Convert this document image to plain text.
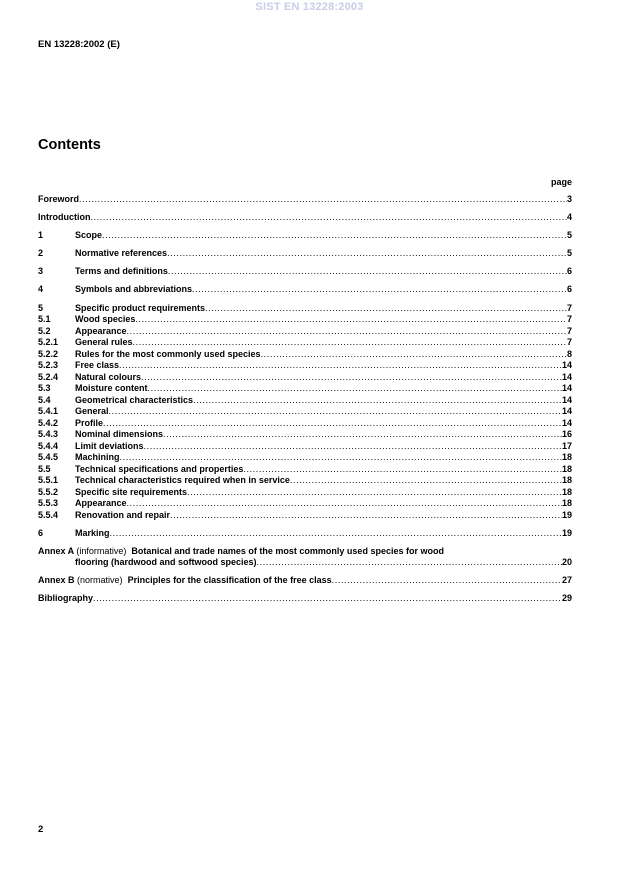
SIST EN 13228:2003
EN 13228:2002 (E)
Contents
page
Foreword .....	3
Introduction .....	4
1	Scope .....	5
2	Normative references .....	5
3	Terms and definitions .....	6
4	Symbols and abbreviations .....	6
5	Specific product requirements .....	7
5.1	Wood species .....	7
5.2	Appearance .....	7
5.2.1	General rules .....	7
5.2.2	Rules for the most commonly used species .....	8
5.2.3	Free class .....	14
5.2.4	Natural colours .....	14
5.3	Moisture content .....	14
5.4	Geometrical characteristics .....	14
5.4.1	General .....	14
5.4.2	Profile .....	14
5.4.3	Nominal dimensions .....	16
5.4.4	Limit deviations .....	17
5.4.5	Machining .....	18
5.5	Technical specifications and properties .....	18
5.5.1	Technical characteristics required when in service .....	18
5.5.2	Specific site requirements .....	18
5.5.3	Appearance .....	18
5.5.4	Renovation and repair .....	19
6	Marking .....	19
Annex A (informative) Botanical and trade names of the most commonly used species for wood
flooring (hardwood and softwood species) .....	20
Annex B (normative) Principles for the classification of the free class .....	27
Bibliography .....	29
2
